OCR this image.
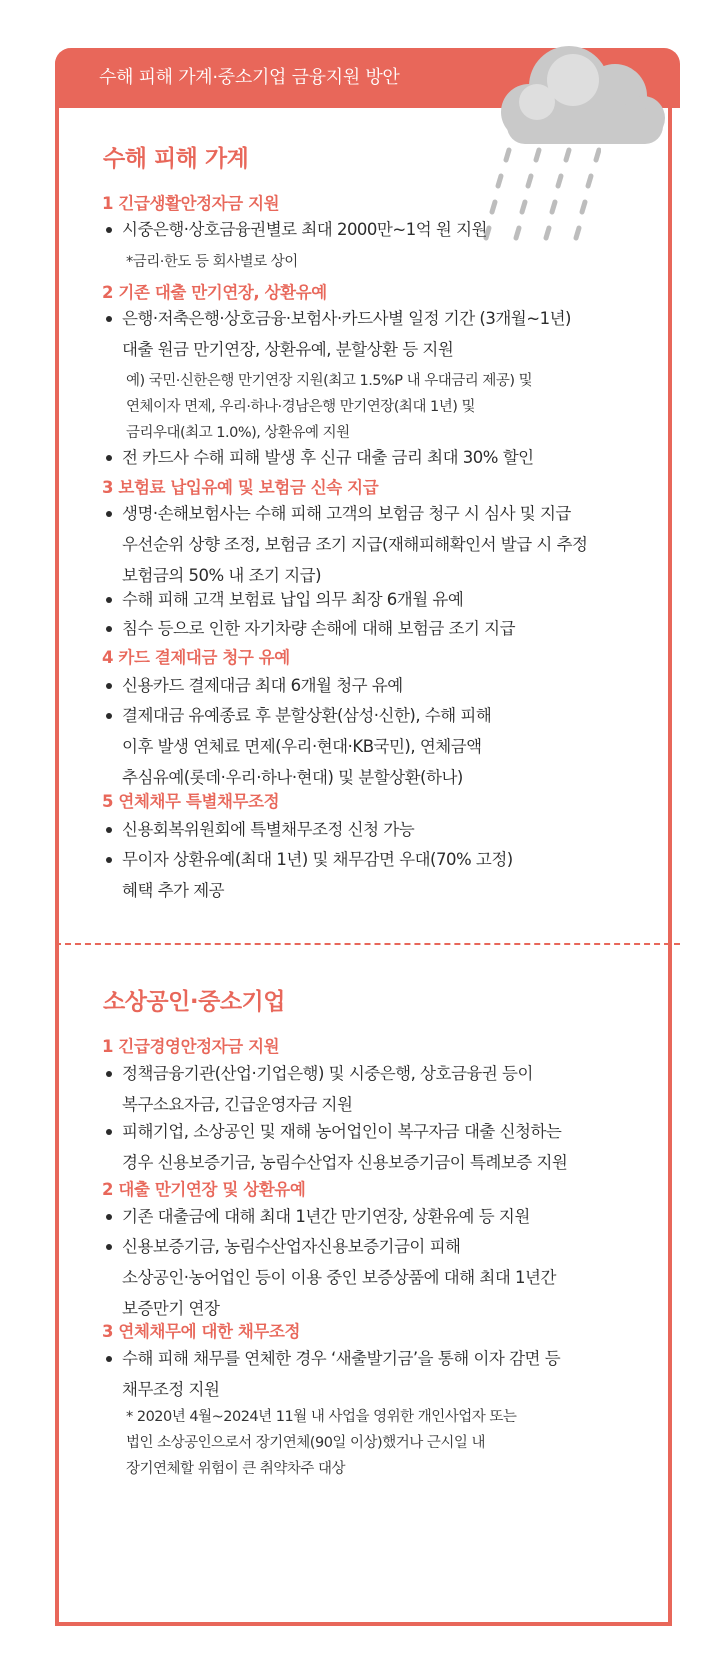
수해 피해 가계·중소기업 금융지원 방안
수해 피해 가계
1 긴급생활안정자금 지원
시중은행·상호금융권별로 최대 2000만~1억 원 지원
*금리·한도 등 회사별로 상이
2 기존 대출 만기연장, 상환유예
은행·저축은행·상호금융·보험사·카드사별 일정 기간 (3개월~1년)
대출 원금 만기연장, 상환유예, 분할상환 등 지원
예) 국민·신한은행 만기연장 지원(최고 1.5%P 내 우대금리 제공) 및
연체이자 면제, 우리·하나·경남은행 만기연장(최대 1년) 및
금리우대(최고 1.0%), 상환유예 지원
전 카드사 수해 피해 발생 후 신규 대출 금리 최대 30% 할인
3 보험료 납입유예 및 보험금 신속 지급
생명·손해보험사는 수해 피해 고객의 보험금 청구 시 심사 및 지급
우선순위 상향 조정, 보험금 조기 지급(재해피해확인서 발급 시 추정
보험금의 50% 내 조기 지급)
수해 피해 고객 보험료 납입 의무 최장 6개월 유예
침수 등으로 인한 자기차량 손해에 대해 보험금 조기 지급
4 카드 결제대금 청구 유예
신용카드 결제대금 최대 6개월 청구 유예
결제대금 유예종료 후 분할상환(삼성·신한), 수해 피해
이후 발생 연체료 면제(우리·현대·KB국민), 연체금액
추심유예(롯데·우리·하나·현대) 및 분할상환(하나)
5 연체채무 특별채무조정
신용회복위원회에 특별채무조정 신청 가능
무이자 상환유예(최대 1년) 및 채무감면 우대(70% 고정)
혜택 추가 제공
소상공인·중소기업
1 긴급경영안정자금 지원
정책금융기관(산업·기업은행) 및 시중은행, 상호금융권 등이
복구소요자금, 긴급운영자금 지원
피해기업, 소상공인 및 재해 농어업인이 복구자금 대출 신청하는
경우 신용보증기금, 농림수산업자 신용보증기금이 특례보증 지원
2 대출 만기연장 및 상환유예
기존 대출금에 대해 최대 1년간 만기연장, 상환유예 등 지원
신용보증기금, 농림수산업자신용보증기금이 피해
소상공인·농어업인 등이 이용 중인 보증상품에 대해 최대 1년간
보증만기 연장
3 연체채무에 대한 채무조정
수해 피해 채무를 연체한 경우 ‘새출발기금’을 통해 이자 감면 등
채무조정 지원
* 2020년 4월~2024년 11월 내 사업을 영위한 개인사업자 또는
법인 소상공인으로서 장기연체(90일 이상)했거나 근시일 내
장기연체할 위험이 큰 취약차주 대상
